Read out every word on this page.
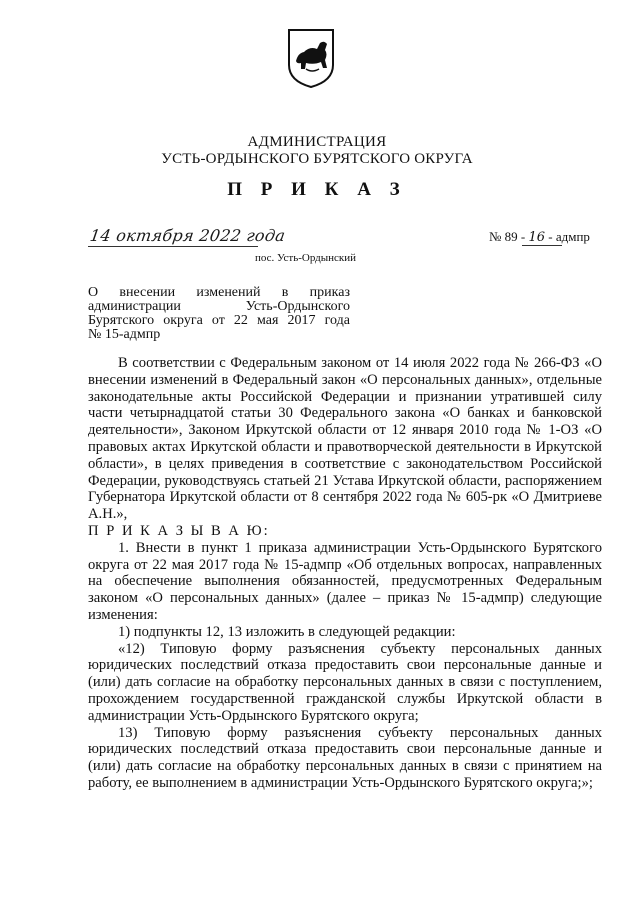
АДМИНИСТРАЦИЯ
УСТЬ-ОРДЫНСКОГО БУРЯТСКОГО ОКРУГА
П Р И К А З
14 октября 2022 года	№ 89 - 16 - адмпр
пос. Усть-Ордынский
О внесении изменений в приказ
администрации Усть-Ордынского
Бурятского округа от 22 мая 2017 года
№ 15-адмпр

В соответствии с Федеральным законом от 14 июля 2022 года № 266-ФЗ «О внесении изменений в Федеральный закон «О персональных данных», отдельные законодательные акты Российской Федерации и признании утратившей силу части четырнадцатой статьи 30 Федерального закона «О банках и банковской деятельности», Законом Иркутской области от 12 января 2010 года № 1-ОЗ «О правовых актах Иркутской области и правотворческой деятельности в Иркутской области», в целях приведения в соответствие с законодательством Российской Федерации, руководствуясь статьей 21 Устава Иркутской области, распоряжением Губернатора Иркутской области от 8 сентября 2022 года № 605-рк «О Дмитриеве А.Н.»,

П Р И К А З Ы В А Ю:

1. Внести в пункт 1 приказа администрации Усть-Ордынского Бурятского округа от 22 мая 2017 года № 15-адмпр «Об отдельных вопросах, направленных на обеспечение выполнения обязанностей, предусмотренных Федеральным законом «О персональных данных» (далее – приказ № 15-адмпр) следующие изменения:

1) подпункты 12, 13 изложить в следующей редакции:

«12) Типовую форму разъяснения субъекту персональных данных юридических последствий отказа предоставить свои персональные данные и (или) дать согласие на обработку персональных данных в связи с поступлением, прохождением государственной гражданской службы Иркутской области в администрации Усть-Ордынского Бурятского округа;

13) Типовую форму разъяснения субъекту персональных данных юридических последствий отказа предоставить свои персональные данные и (или) дать согласие на обработку персональных данных в связи с принятием на работу, ее выполнением в администрации Усть-Ордынского Бурятского округа;»;
